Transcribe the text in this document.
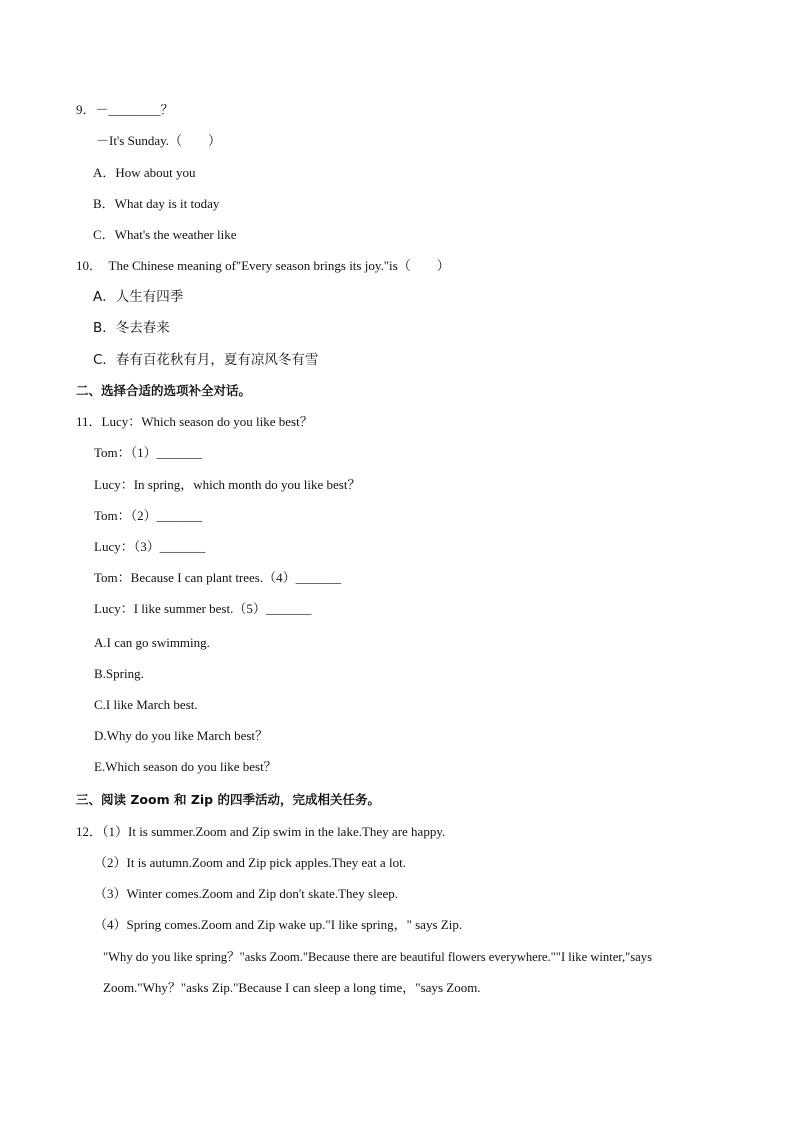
9．－________？
－It's Sunday.（　　）
A．How about you
B．What day is it today
C．What's the weather like
10．　The Chinese meaning of"Every season brings its joy."is（　　）
A．人生有四季
B．冬去春来
C．春有百花秋有月，夏有凉风冬有雪
二、选择合适的选项补全对话。
11．Lucy：Which season do you like best？
Tom：（1）_______
Lucy：In spring，which month do you like best？
Tom：（2）_______
Lucy：（3）_______
Tom：Because I can plant trees.（4）_______
Lucy：I like summer best.（5）_______
A.I can go swimming.
B.Spring.
C.I like March best.
D.Why do you like March best？
E.Which season do you like best？
三、阅读 Zoom 和 Zip 的四季活动，完成相关任务。
12．（1）It is summer.Zoom and Zip swim in the lake.They are happy.
（2）It is autumn.Zoom and Zip pick apples.They eat a lot.
（3）Winter comes.Zoom and Zip don't skate.They sleep.
（4）Spring comes.Zoom and Zip wake up."I like spring，" says Zip.
"Why do you like spring？"asks Zoom."Because there are beautiful flowers everywhere.""I like winter,"says
Zoom."Why？"asks Zip."Because I can sleep a long time，"says Zoom.
